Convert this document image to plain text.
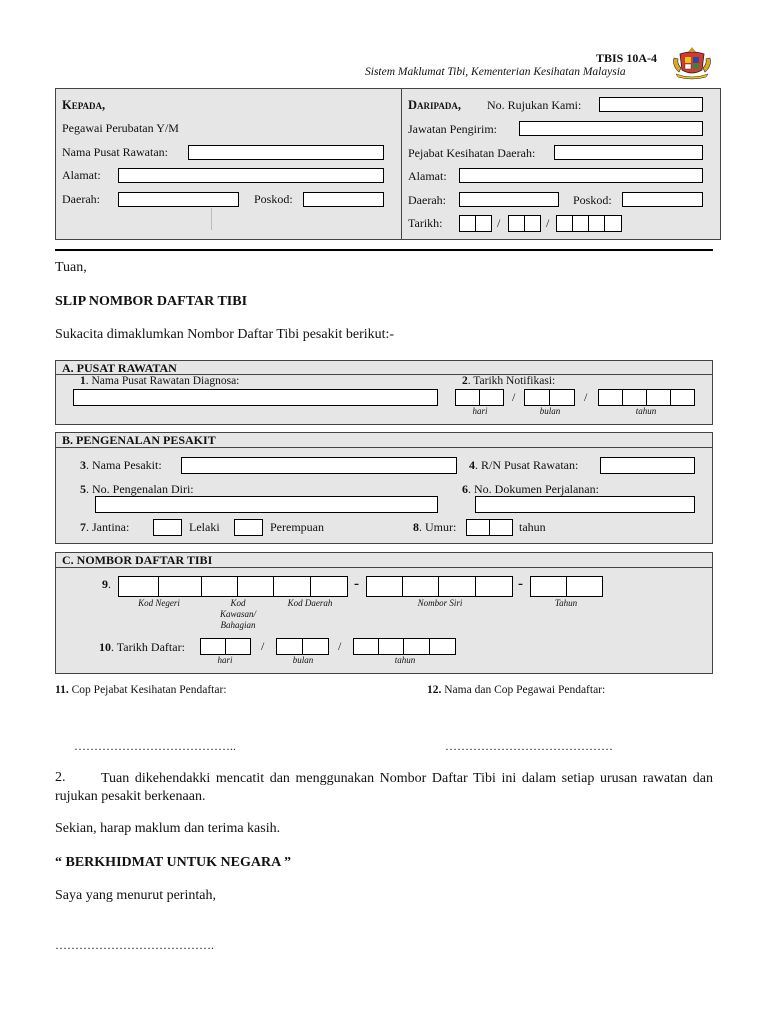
TBIS 10A-4
Sistem Maklumat Tibi, Kementerian Kesihatan Malaysia
Kepada,
Pegawai Perubatan Y/M
Nama Pusat Rawatan:
Alamat:
Daerah:	Poskod:
Daripada, No. Rujukan Kami:
Jawatan Pengirim:
Pejabat Kesihatan Daerah:
Alamat:
Daerah:	Poskod:
Tarikh:	/	/
Tuan,
SLIP NOMBOR DAFTAR TIBI
Sukacita dimaklumkan Nombor Daftar Tibi pesakit berikut:-
A. PUSAT RAWATAN
1. Nama Pusat Rawatan Diagnosa:	2. Tarikh Notifikasi:
/	/
hari	bulan	tahun
B. PENGENALAN PESAKIT
3. Nama Pesakit:	4. R/N Pusat Rawatan:
5. No. Pengenalan Diri:	6. No. Dokumen Perjalanan:
7. Jantina:	Lelaki	Perempuan	8. Umur:	tahun
C. NOMBOR DAFTAR TIBI
9.	-	-
Kod Negeri	Kod
Kawasan/
Bahagian
Kod Daerah	Nombor Siri	Tahun
10. Tarikh Daftar:	/	/
hari	bulan	tahun
11. Cop Pejabat Kesihatan Pendaftar:	12. Nama dan Cop Pegawai Pendaftar:
…………………………………..	……………………………………
2.	Tuan dikehendakki mencatit dan menggunakan Nombor Daftar Tibi ini dalam setiap urusan rawatan dan rujukan pesakit berkenaan.
Sekian, harap maklum dan terima kasih.
“ BERKHIDMAT UNTUK NEGARA ”
Saya yang menurut perintah,
………………………………….
